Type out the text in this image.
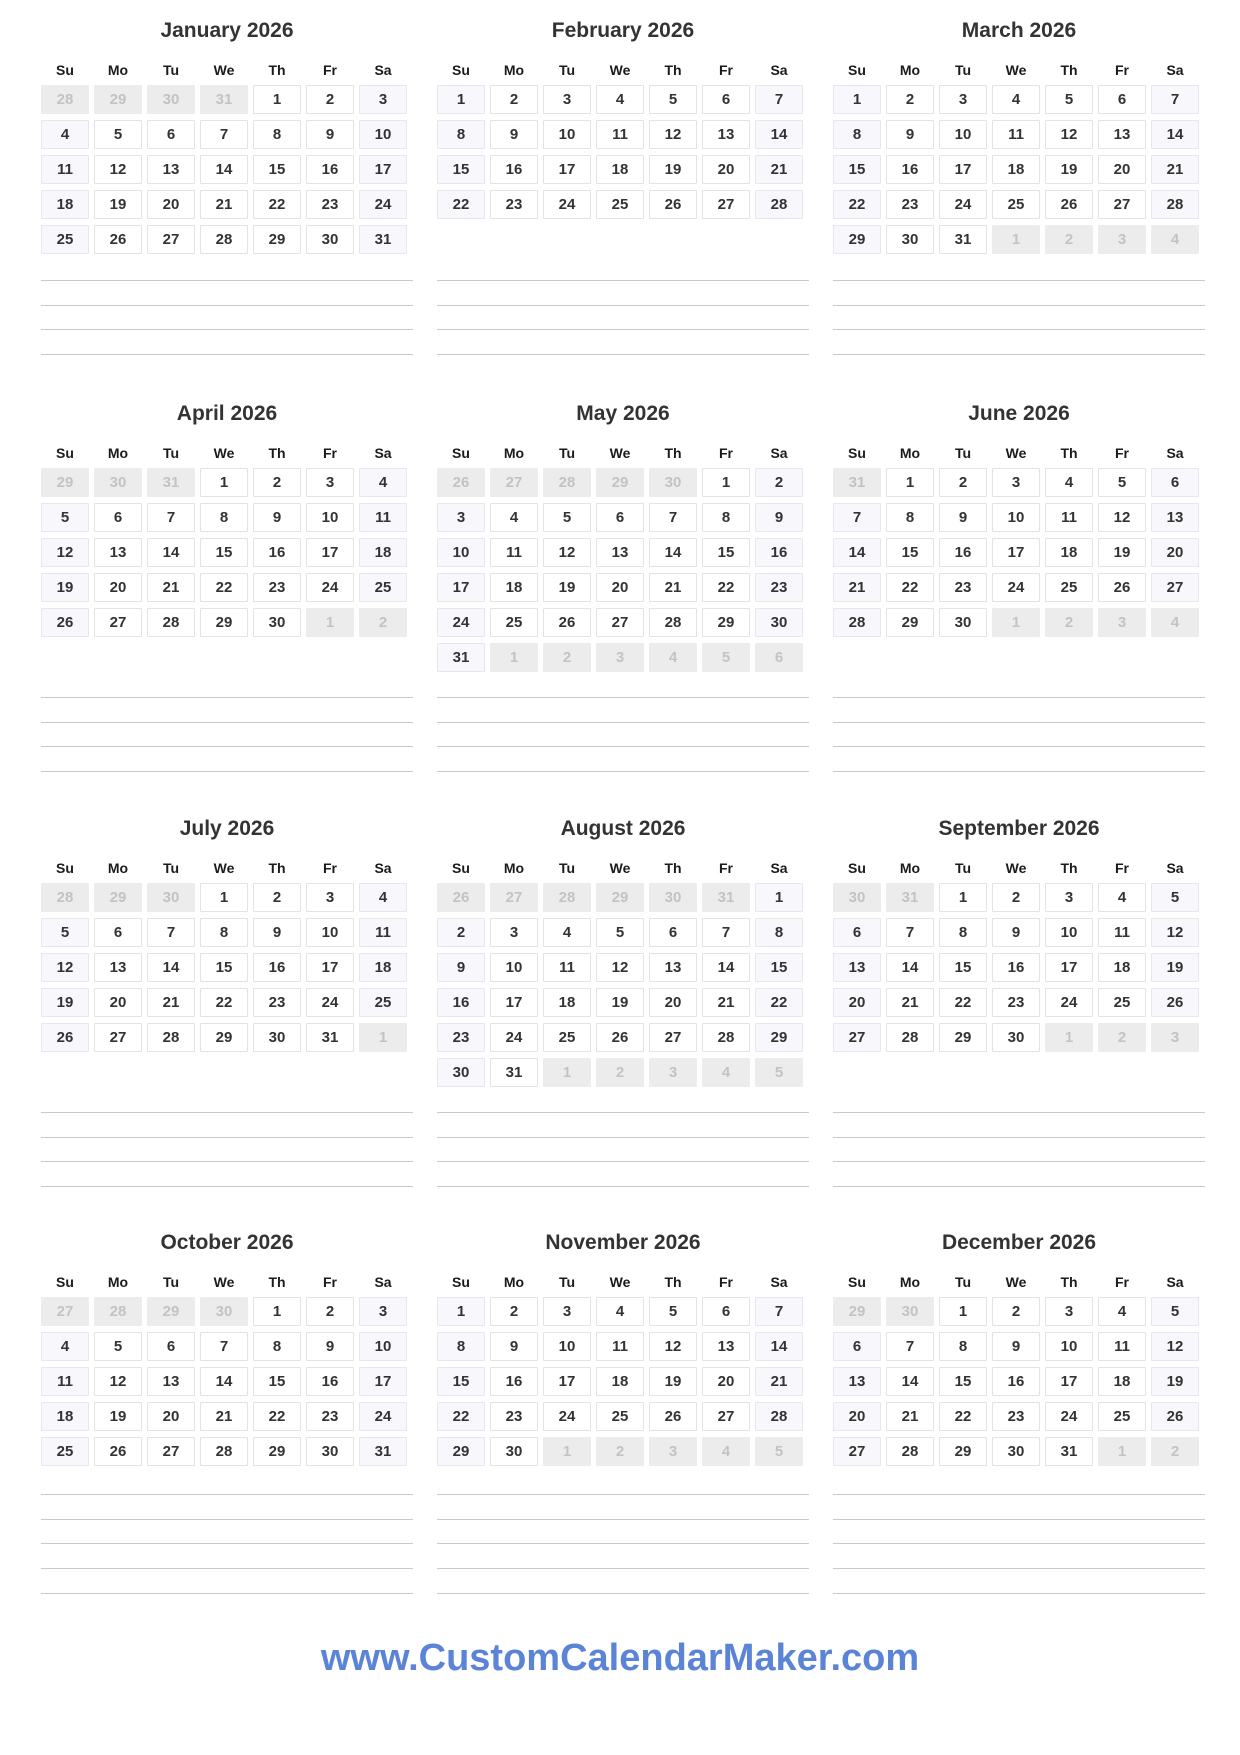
January 2026
Su	Mo	Tu	We	Th	Fr	Sa
28	29	30	31	1	2	3
4	5	6	7	8	9	10
11	12	13	14	15	16	17
18	19	20	21	22	23	24
25	26	27	28	29	30	31
February 2026
Su	Mo	Tu	We	Th	Fr	Sa
1	2	3	4	5	6	7
8	9	10	11	12	13	14
15	16	17	18	19	20	21
22	23	24	25	26	27	28
March 2026
Su	Mo	Tu	We	Th	Fr	Sa
1	2	3	4	5	6	7
8	9	10	11	12	13	14
15	16	17	18	19	20	21
22	23	24	25	26	27	28
29	30	31	1	2	3	4
April 2026
Su	Mo	Tu	We	Th	Fr	Sa
29	30	31	1	2	3	4
5	6	7	8	9	10	11
12	13	14	15	16	17	18
19	20	21	22	23	24	25
26	27	28	29	30	1	2
May 2026
Su	Mo	Tu	We	Th	Fr	Sa
26	27	28	29	30	1	2
3	4	5	6	7	8	9
10	11	12	13	14	15	16
17	18	19	20	21	22	23
24	25	26	27	28	29	30
31	1	2	3	4	5	6
June 2026
Su	Mo	Tu	We	Th	Fr	Sa
31	1	2	3	4	5	6
7	8	9	10	11	12	13
14	15	16	17	18	19	20
21	22	23	24	25	26	27
28	29	30	1	2	3	4
July 2026
Su	Mo	Tu	We	Th	Fr	Sa
28	29	30	1	2	3	4
5	6	7	8	9	10	11
12	13	14	15	16	17	18
19	20	21	22	23	24	25
26	27	28	29	30	31	1
August 2026
Su	Mo	Tu	We	Th	Fr	Sa
26	27	28	29	30	31	1
2	3	4	5	6	7	8
9	10	11	12	13	14	15
16	17	18	19	20	21	22
23	24	25	26	27	28	29
30	31	1	2	3	4	5
September 2026
Su	Mo	Tu	We	Th	Fr	Sa
30	31	1	2	3	4	5
6	7	8	9	10	11	12
13	14	15	16	17	18	19
20	21	22	23	24	25	26
27	28	29	30	1	2	3
October 2026
Su	Mo	Tu	We	Th	Fr	Sa
27	28	29	30	1	2	3
4	5	6	7	8	9	10
11	12	13	14	15	16	17
18	19	20	21	22	23	24
25	26	27	28	29	30	31
November 2026
Su	Mo	Tu	We	Th	Fr	Sa
1	2	3	4	5	6	7
8	9	10	11	12	13	14
15	16	17	18	19	20	21
22	23	24	25	26	27	28
29	30	1	2	3	4	5
December 2026
Su	Mo	Tu	We	Th	Fr	Sa
29	30	1	2	3	4	5
6	7	8	9	10	11	12
13	14	15	16	17	18	19
20	21	22	23	24	25	26
27	28	29	30	31	1	2
www.CustomCalendarMaker.com
